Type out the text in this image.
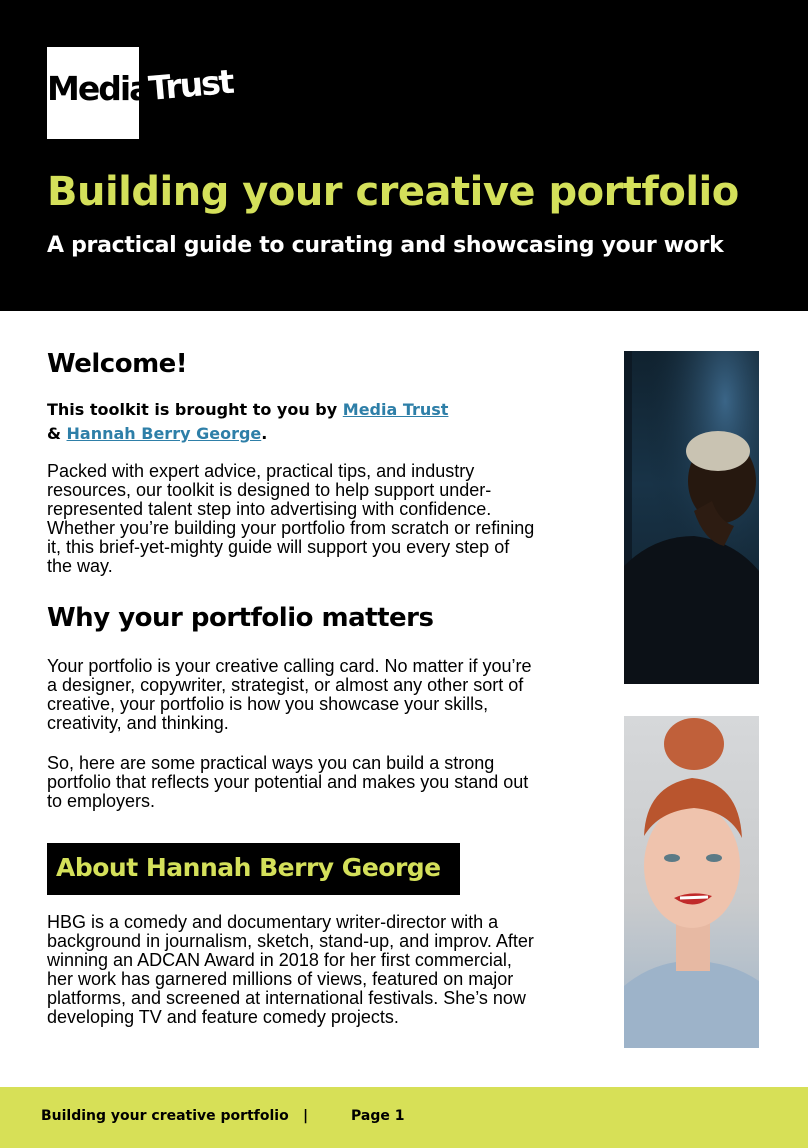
MediaTrust
Building your creative portfolio

A practical guide to curating and showcasing your work

Welcome!

This toolkit is brought to you by Media Trust
& Hannah Berry George.

Packed with expert advice, practical tips, and industry resources, our toolkit is designed to help support under-represented talent step into advertising with confidence. Whether you’re building your portfolio from scratch or refining it, this brief-yet-mighty guide will support you every step of the way.

Why your portfolio matters

Your portfolio is your creative calling card. No matter if you’re a designer, copywriter, strategist, or almost any other sort of creative, your portfolio is how you showcase your skills, creativity, and thinking.

So, here are some practical ways you can build a strong portfolio that reflects your potential and makes you stand out to employers.

About Hannah Berry George

HBG is a comedy and documentary writer-director with a background in journalism, sketch, stand-up, and improv. After winning an ADCAN Award in 2018 for her first commercial, her work has garnered millions of views, featured on major platforms, and screened at international festivals. She’s now developing TV and feature comedy projects.

Building your creative portfolio |	Page 1
